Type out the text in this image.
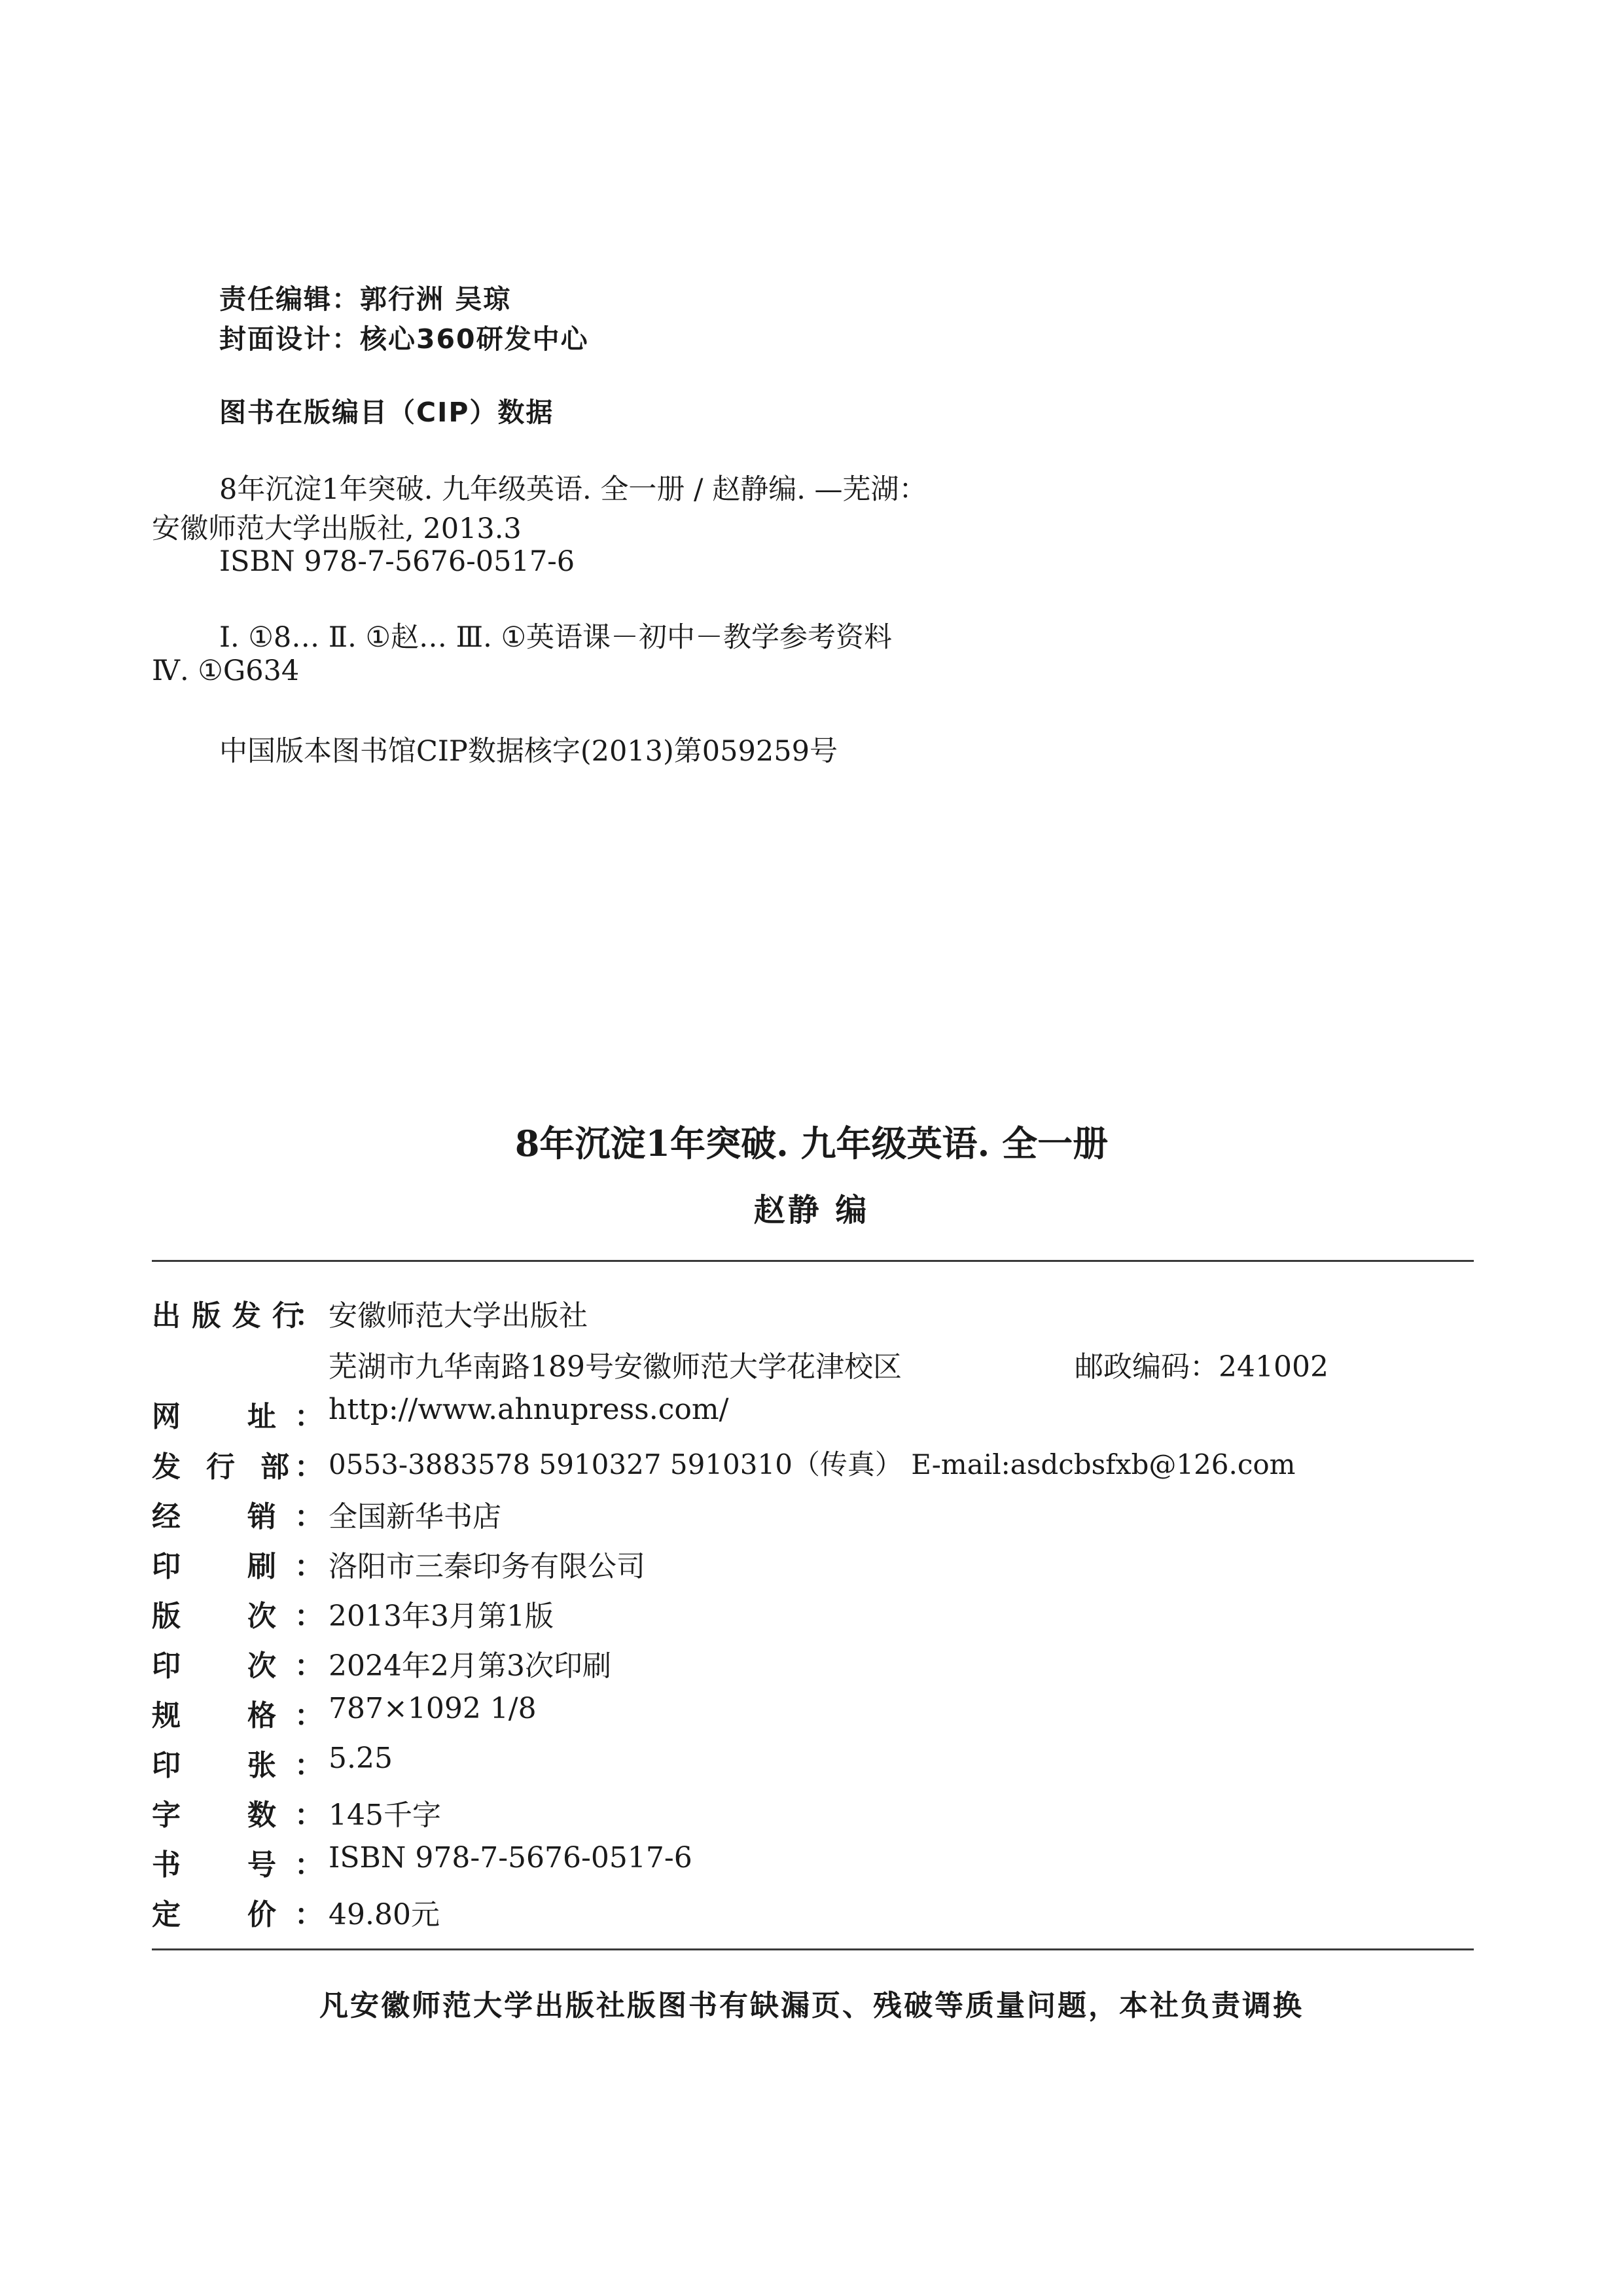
责任编辑：郭行洲 吴琼
封面设计：核心360研发中心
图书在版编目（CIP）数据
8年沉淀1年突破. 九年级英语. 全一册 / 赵静编. —芜湖：
安徽师范大学出版社, 2013.3
ISBN 978-7-5676-0517-6
Ⅰ. ①8… Ⅱ. ①赵… Ⅲ. ①英语课－初中－教学参考资料
Ⅳ. ①G634
中国版本图书馆CIP数据核字(2013)第059259号
8年沉淀1年突破. 九年级英语. 全一册
赵静 编
出 版 发 行
： 安徽师范大学出版社
芜湖市九华南路189号安徽师范大学花津校区	邮政编码：241002
网 址 ： http://www.ahnupress.com/
发 行 部 ： 0553-3883578 5910327 5910310（传真） E-mail:asdcbsfxb@126.com
经 销 ： 全国新华书店
印 刷 ： 洛阳市三秦印务有限公司
版 次 ： 2013年3月第1版
印 次 ： 2024年2月第3次印刷
规 格 ： 787×1092 1/8
印 张 ： 5.25
字 数 ： 145千字
书 号 ： ISBN 978-7-5676-0517-6
定 价 ： 49.80元
凡安徽师范大学出版社版图书有缺漏页、残破等质量问题，本社负责调换
